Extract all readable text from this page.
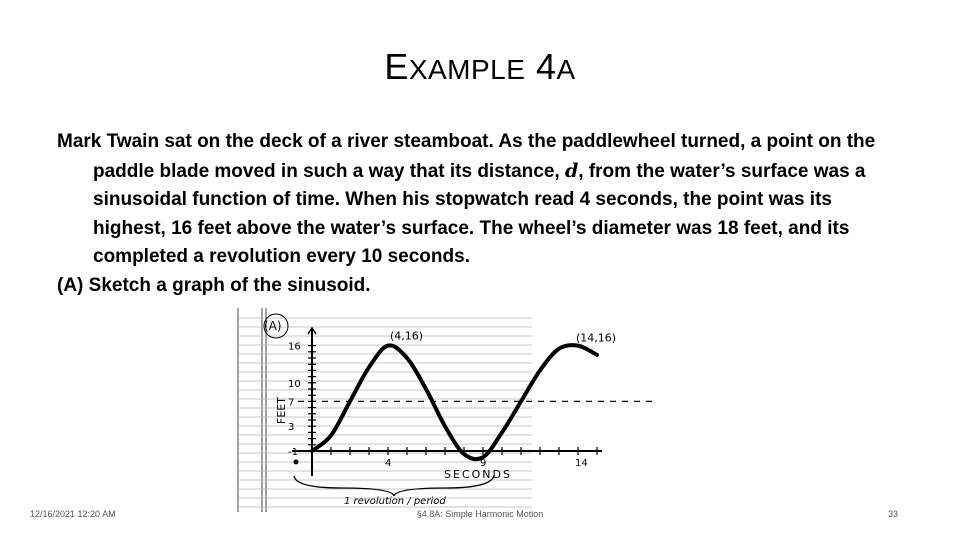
EXAMPLE 4A

Mark Twain sat on the deck of a river steamboat. As the paddlewheel turned, a point on the paddle blade moved in such a way that its distance, d, from the water’s surface was a sinusoidal function of time. When his stopwatch read 4 seconds, the point was its highest, 16 feet above the water’s surface. The wheel’s diameter was 18 feet, and its completed a revolution every 10 seconds.

(A) Sketch a graph of the sinusoid.

16
10
7
3
-1
4	9	14
(A)
FEET
SECONDS
(4,16)	(14,16)
1 revolution / period
12/16/2021 12:20 AM	§4.8A: Simple Harmonic Motion	33
